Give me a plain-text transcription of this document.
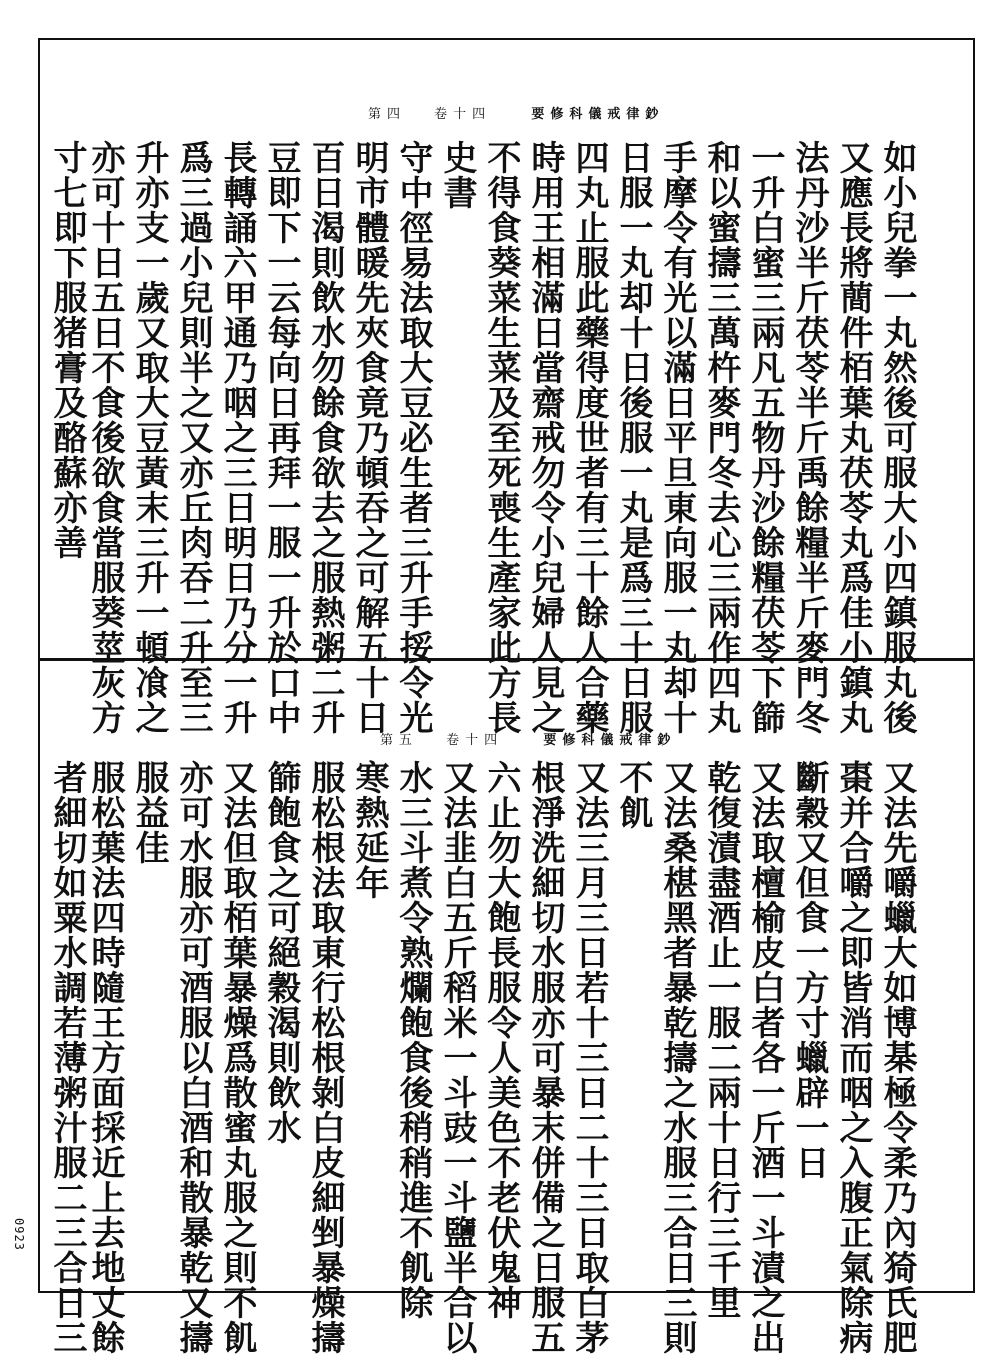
第四 卷十四	要修科儀戒律鈔
如小兒拳一丸然後可服大小四鎮服丸後
又應長將蕳件栢葉丸茯苓丸爲佳小鎮丸
法丹沙半斤茯苓半斤禹餘糧半斤麥門冬
一升白蜜三兩凡五物丹沙餘糧茯苓下篩
和以蜜擣三萬杵麥門冬去心三兩作四丸
手摩令有光以滿日平旦東向服一丸却十
日服一丸却十日後服一丸是爲三十日服
四丸止服此藥得度世者有三十餘人合藥
時用王相滿日當齋戒勿令小兒婦人見之
不得食葵菜生菜及至死喪生產家此方長
史書
守中徑易法取大豆必生者三升手挼令光
明市體暖先夾食竟乃頓吞之可解五十日
百日渴則飲水勿餘食欲去之服熱粥二升
豆即下一云每向日再拜一服一升於口中
長轉誦六甲通乃咽之三日明日乃分一升
爲三過小兒則半之又亦丘肉吞二升至三
升亦支一歲又取大豆黃末三升一頓飡之
亦可十日五日不食後欲食當服葵莖灰方
寸七即下服猪膏及酪蘇亦善
第五 卷十四	要修科儀戒律鈔
又法先嚼蠟大如博棊極令柔乃內猗氏肥
棗并合嚼之即皆消而咽之入腹正氣除病
斷穀又但食一方寸蠟辟一日
又法取檀榆皮白者各一斤酒一斗漬之出
乾復漬盡酒止一服二兩十日行三千里
又法桑椹黑者暴乾擣之水服三合日三則
不飢
又法三月三日若十三日二十三日取白茅
根淨洗細切水服亦可暴末併備之日服五
六止勿大飽長服令人美色不老伏鬼神
又法韭白五斤稻米一斗豉一斗鹽半合以
水三斗煮令熟爛飽食後稍稍進不飢除
寒熱延年
服松根法取東行松根剝白皮細剉暴燥擣
篩飽食之可絕穀渴則飲水
又法但取栢葉暴燥爲散蜜丸服之則不飢
亦可水服亦可酒服以白酒和散暴乾又擣
服益佳
服松葉法四時隨王方面採近上去地丈餘
者細切如粟水調若薄粥汁服二三合日三
0923
